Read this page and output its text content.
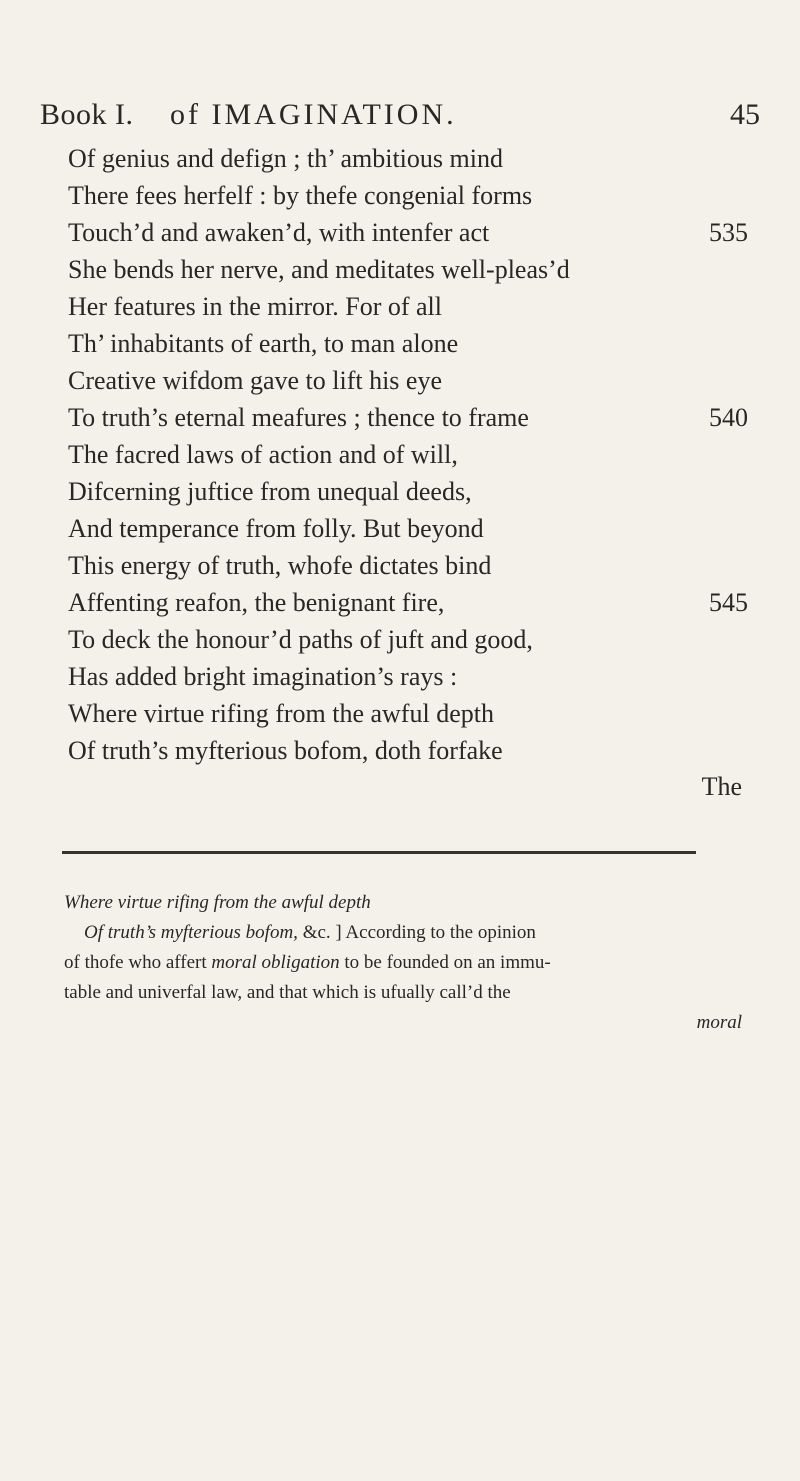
Book I. of IMAGINATION.	45
Of genius and defign ; th’ ambitious mind
There fees herfelf : by thefe congenial forms
Touch’d and awaken’d, with intenfer act	535
She bends her nerve, and meditates well-pleas’d
Her features in the mirror. For of all
Th’ inhabitants of earth, to man alone
Creative wifdom gave to lift his eye
To truth’s eternal meafures ; thence to frame	540
The facred laws of action and of will,
Difcerning juftice from unequal deeds,
And temperance from folly. But beyond
This energy of truth, whofe dictates bind
Affenting reafon, the benignant fire,	545
To deck the honour’d paths of juft and good,
Has added bright imagination’s rays :
Where virtue rifing from the awful depth
Of truth’s myfterious bofom, doth forfake
The
Where virtue rifing from the awful depth
Of truth’s myfterious bofom, &c. ] According to the opinion
of thofe who affert moral obligation to be founded on an immu-
table and univerfal law, and that which is ufually call’d the
moral
